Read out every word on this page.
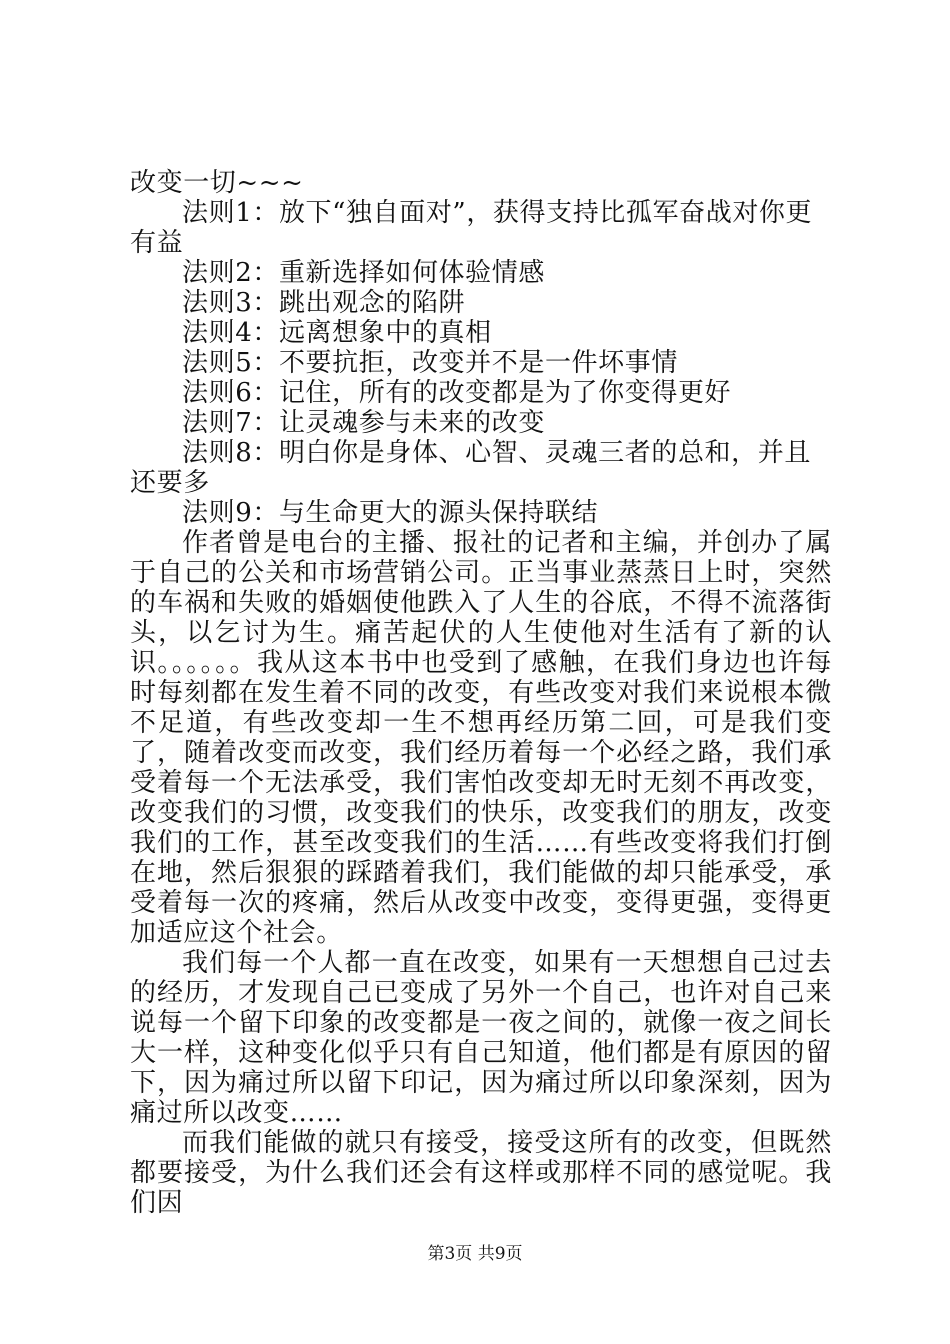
改变一切~~~

法则1：放下“独自面对”，获得支持比孤军奋战对你更有益

法则2：重新选择如何体验情感

法则3：跳出观念的陷阱

法则4：远离想象中的真相

法则5：不要抗拒，改变并不是一件坏事情

法则6：记住，所有的改变都是为了你变得更好

法则7：让灵魂参与未来的改变

法则8：明白你是身体、心智、灵魂三者的总和，并且还要多

法则9：与生命更大的源头保持联结

作者曾是电台的主播、报社的记者和主编，并创办了属于自己的公关和市场营销公司。正当事业蒸蒸日上时，突然的车祸和失败的婚姻使他跌入了人生的谷底，不得不流落街头，以乞讨为生。痛苦起伏的人生使他对生活有了新的认识。。。。。。我从这本书中也受到了感触，在我们身边也许每时每刻都在发生着不同的改变，有些改变对我们来说根本微不足道，有些改变却一生不想再经历第二回，可是我们变了，随着改变而改变，我们经历着每一个必经之路，我们承受着每一个无法承受，我们害怕改变却无时无刻不再改变，改变我们的习惯，改变我们的快乐，改变我们的朋友，改变我们的工作，甚至改变我们的生活……有些改变将我们打倒在地，然后狠狠的踩踏着我们，我们能做的却只能承受，承受着每一次的疼痛，然后从改变中改变，变得更强，变得更加适应这个社会。

我们每一个人都一直在改变，如果有一天想想自己过去的经历，才发现自己已变成了另外一个自己，也许对自己来说每一个留下印象的改变都是一夜之间的，就像一夜之间长大一样，这种变化似乎只有自己知道，他们都是有原因的留下，因为痛过所以留下印记，因为痛过所以印象深刻，因为痛过所以改变……

而我们能做的就只有接受，接受这所有的改变，但既然都要接受，为什么我们还会有这样或那样不同的感觉呢。我们因

第3页 共9页
